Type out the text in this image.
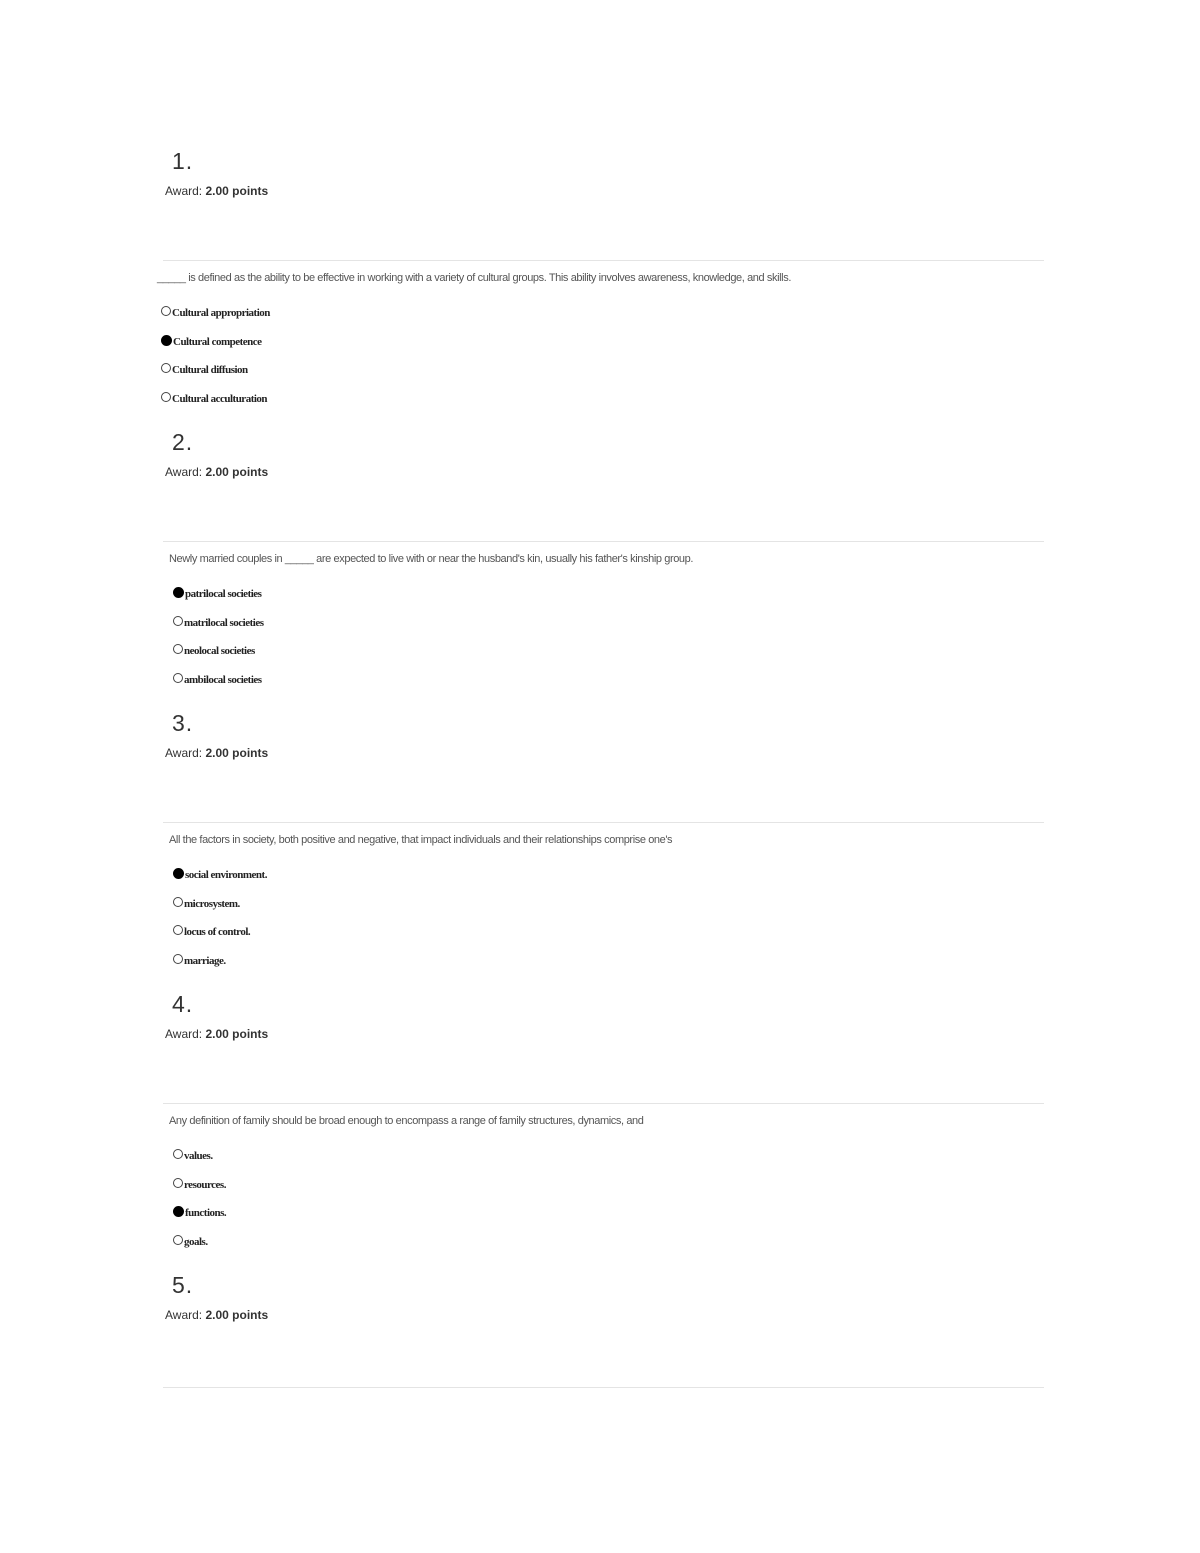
1.
Award: 2.00 points
_____ is defined as the ability to be effective in working with a variety of cultural groups. This ability involves awareness, knowledge, and skills.
Cultural appropriation
Cultural competence
Cultural diffusion
Cultural acculturation
2.
Award: 2.00 points
Newly married couples in _____ are expected to live with or near the husband's kin, usually his father's kinship group.
patrilocal societies
matrilocal societies
neolocal societies
ambilocal societies
3.
Award: 2.00 points
All the factors in society, both positive and negative, that impact individuals and their relationships comprise one's
social environment.
microsystem.
locus of control.
marriage.
4.
Award: 2.00 points
Any definition of family should be broad enough to encompass a range of family structures, dynamics, and
values.
resources.
functions.
goals.
5.
Award: 2.00 points
